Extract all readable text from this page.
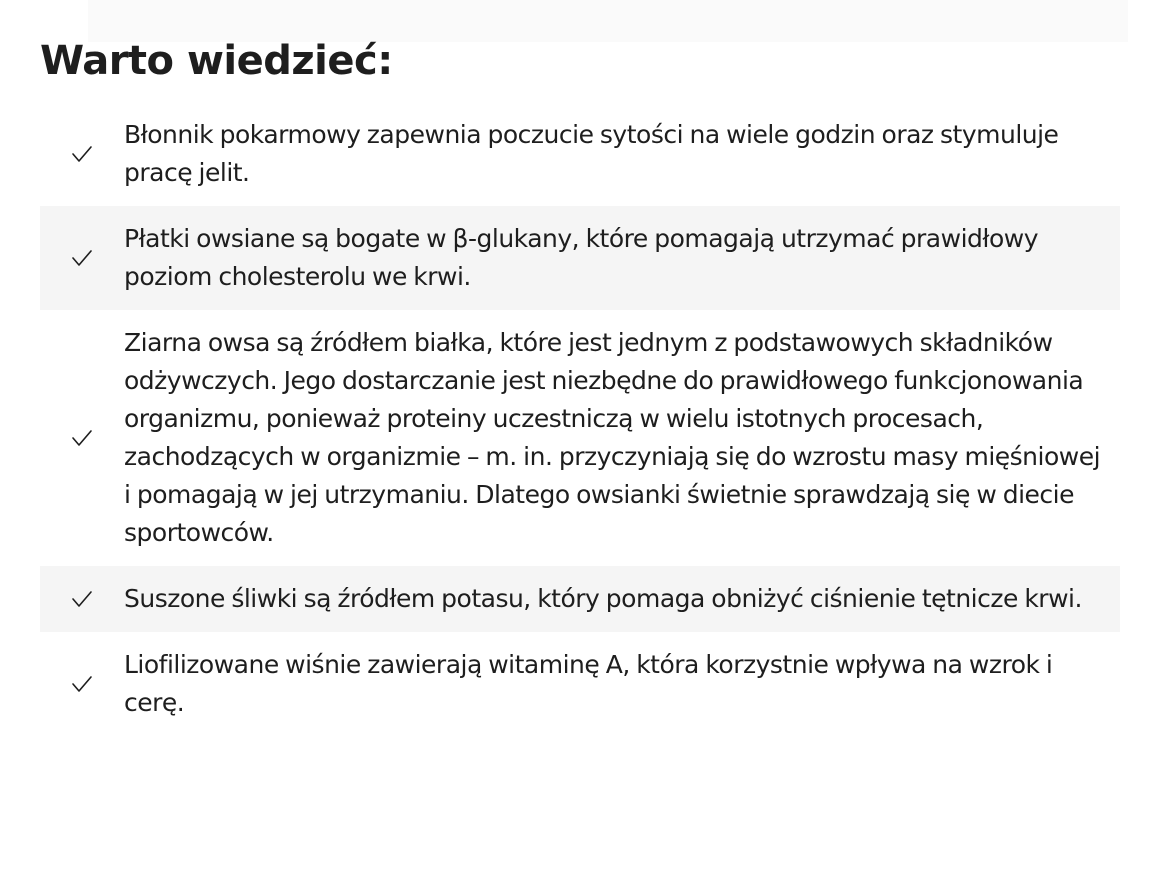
Warto wiedzieć:
Błonnik pokarmowy zapewnia poczucie sytości na wiele godzin oraz stymuluje pracę jelit.
Płatki owsiane są bogate w β-glukany, które pomagają utrzymać prawidłowy poziom cholesterolu we krwi.
Ziarna owsa są źródłem białka, które jest jednym z podstawowych składników odżywczych. Jego dostarczanie jest niezbędne do prawidłowego funkcjonowania organizmu, ponieważ proteiny uczestniczą w wielu istotnych procesach, zachodzących w organizmie – m. in. przyczyniają się do wzrostu masy mięśniowej i pomagają w jej utrzymaniu. Dlatego owsianki świetnie sprawdzają się w diecie sportowców.
Suszone śliwki są źródłem potasu, który pomaga obniżyć ciśnienie tętnicze krwi.
Liofilizowane wiśnie zawierają witaminę A, która korzystnie wpływa na wzrok i cerę.
